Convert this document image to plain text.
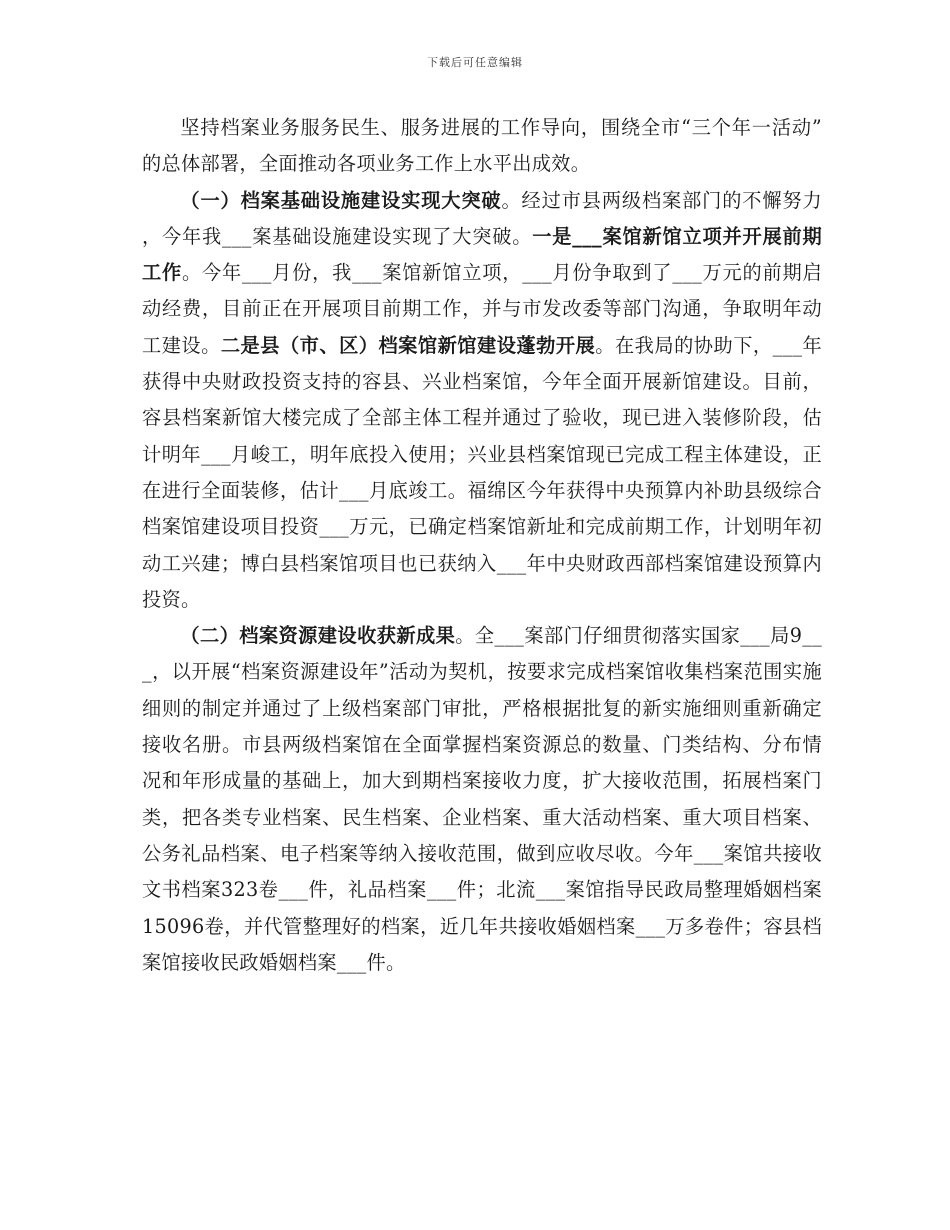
下载后可任意编辑

坚持档案业务服务民生、服务进展的工作导向，围绕全市“三个年一活动”的总体部署，全面推动各项业务工作上水平出成效。

（一）档案基础设施建设实现大突破。经过市县两级档案部门的不懈努力，今年我___案基础设施建设实现了大突破。一是___案馆新馆立项并开展前期工作。今年___月份，我___案馆新馆立项，___月份争取到了___万元的前期启动经费，目前正在开展项目前期工作，并与市发改委等部门沟通，争取明年动工建设。二是县（市、区）档案馆新馆建设蓬勃开展。在我局的协助下，___年获得中央财政投资支持的容县、兴业档案馆，今年全面开展新馆建设。目前，容县档案新馆大楼完成了全部主体工程并通过了验收，现已进入装修阶段，估计明年___月峻工，明年底投入使用；兴业县档案馆现已完成工程主体建设，正在进行全面装修，估计___月底竣工。福绵区今年获得中央预算内补助县级综合档案馆建设项目投资___万元，已确定档案馆新址和完成前期工作，计划明年初动工兴建；博白县档案馆项目也已获纳入___年中央财政西部档案馆建设预算内投资。

（二）档案资源建设收获新成果。全___案部门仔细贯彻落实国家___局9___，以开展“档案资源建设年”活动为契机，按要求完成档案馆收集档案范围实施细则的制定并通过了上级档案部门审批，严格根据批复的新实施细则重新确定接收名册。市县两级档案馆在全面掌握档案资源总的数量、门类结构、分布情况和年形成量的基础上，加大到期档案接收力度，扩大接收范围，拓展档案门类，把各类专业档案、民生档案、企业档案、重大活动档案、重大项目档案、公务礼品档案、电子档案等纳入接收范围，做到应收尽收。今年___案馆共接收文书档案323卷___件，礼品档案___件；北流___案馆指导民政局整理婚姻档案15096卷，并代管整理好的档案，近几年共接收婚姻档案___万多卷件；容县档案馆接收民政婚姻档案___件。
